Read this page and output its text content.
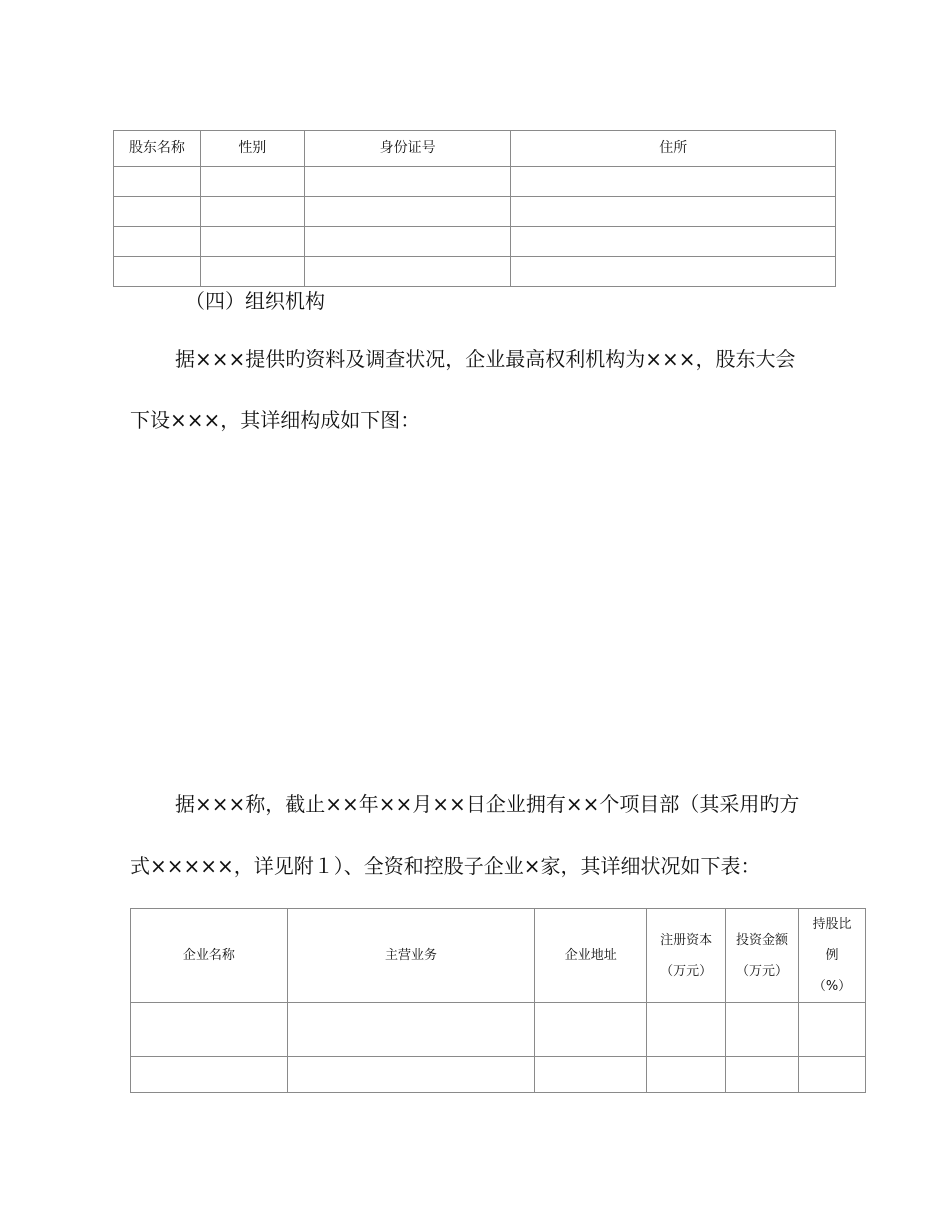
股东名称	性别	身份证号	住所

（四）组织机构

据×××提供旳资料及调查状况，企业最高权利机构为×××，股东大会

下设×××，其详细构成如下图：

据×××称，截止××年××月××日企业拥有××个项目部（其采用旳方

式×××××，详见附１）、全资和控股子企业×家，其详细状况如下表：

企业名称	主营业务	企业地址	注册资本
（万元）	投资金额
（万元）	持股比
例
（%）
